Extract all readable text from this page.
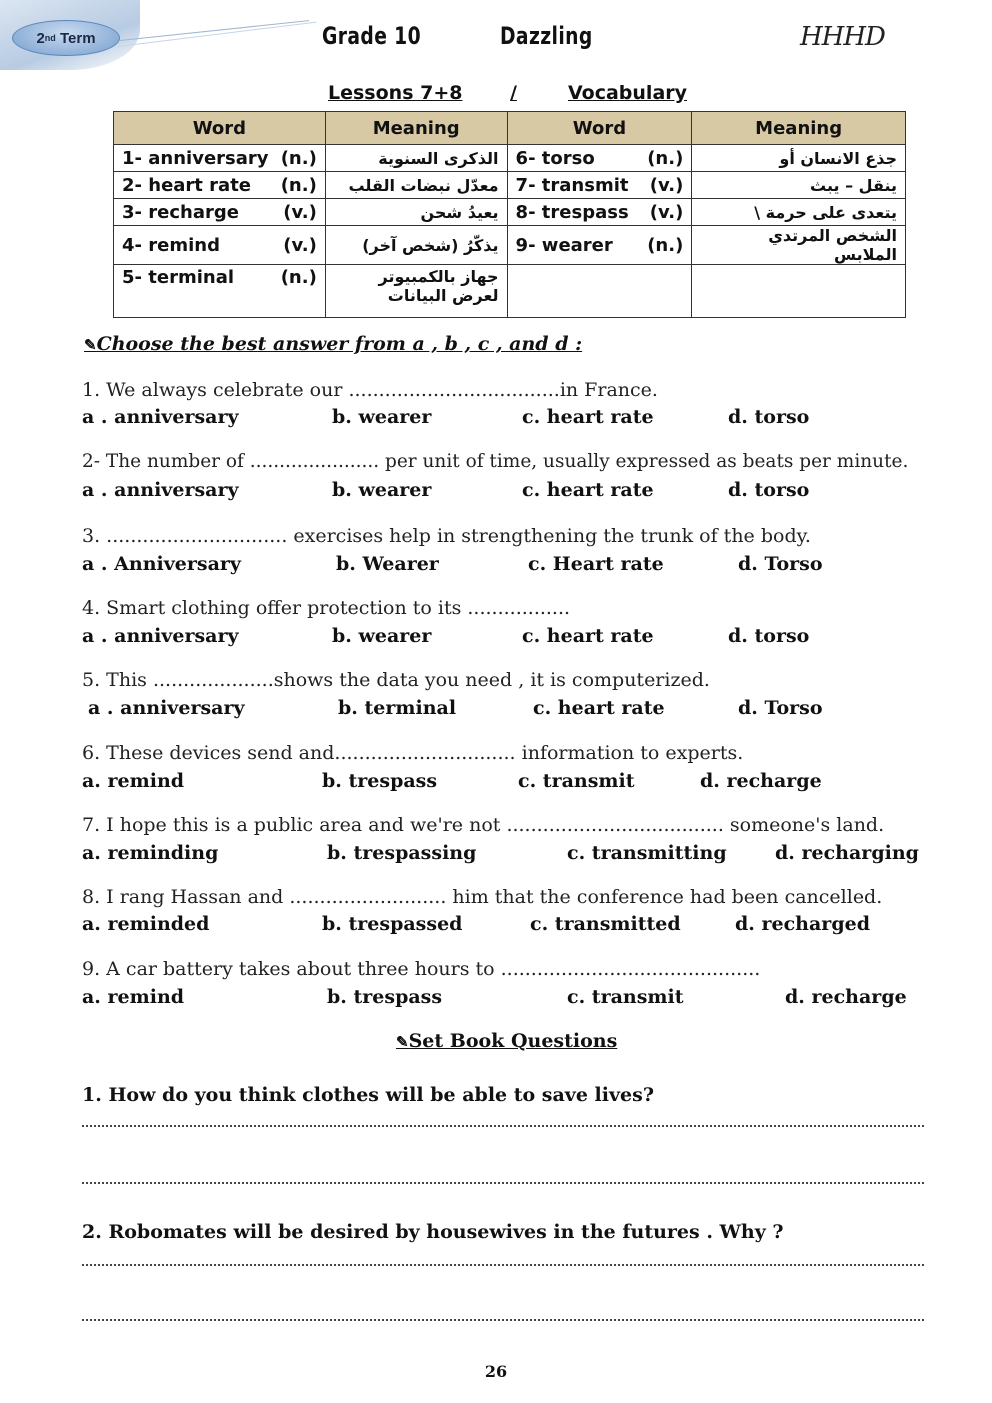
2 nd
Term	Grade 10	Dazzling	HHHD
Lessons 7+8	/	Vocabulary
Word	Meaning	Word	Meaning
1- anniversary (n.)	الذكرى السنوية	6- torso (n.)	جذع الانسان أو
2- heart rate (n.)	معدّل نبضات القلب	7- transmit (v.)	ينقل – يبث
3- recharge (v.)	يعيدُ شحن	8- trespass (v.)	يتعدى على حرمة \
4- remind (v.)	يذكّرُ (شخص آخر)	9- wearer (n.)	الشخص المرتدي الملابس
5- terminal (n.)	جهاز بالكمبيوتر لعرض البيانات	

✎Choose the best answer from a , b , c , and d :
1. We always celebrate our ...................................in France.
a . anniversary	b. wearer	c. heart rate	d. torso
2- The number of ...................... per unit of time, usually expressed as beats per minute.
a . anniversary	b. wearer	c. heart rate	d. torso
3. .............................. exercises help in strengthening the trunk of the body.
a . Anniversary	b. Wearer	c. Heart rate	d. Torso
4. Smart clothing offer protection to its .................
a . anniversary	b. wearer	c. heart rate	d. torso
5. This ....................shows the data you need , it is computerized.
a . anniversary	b. terminal	c. heart rate	d. Torso
6. These devices send and.............................. information to experts.
a. remind	b. trespass	c. transmit	d. recharge
7. I hope this is a public area and we're not .................................... someone's land.
a. reminding	b. trespassing	c. transmitting	d. recharging
8. I rang Hassan and .......................... him that the conference had been cancelled.
a. reminded	b. trespassed	c. transmitted	d. recharged
9. A car battery takes about three hours to ...........................................
a. remind	b. trespass	c. transmit	d. recharge
✎Set Book Questions
1. How do you think clothes will be able to save lives?
2. Robomates will be desired by housewives in the futures . Why ?
26
